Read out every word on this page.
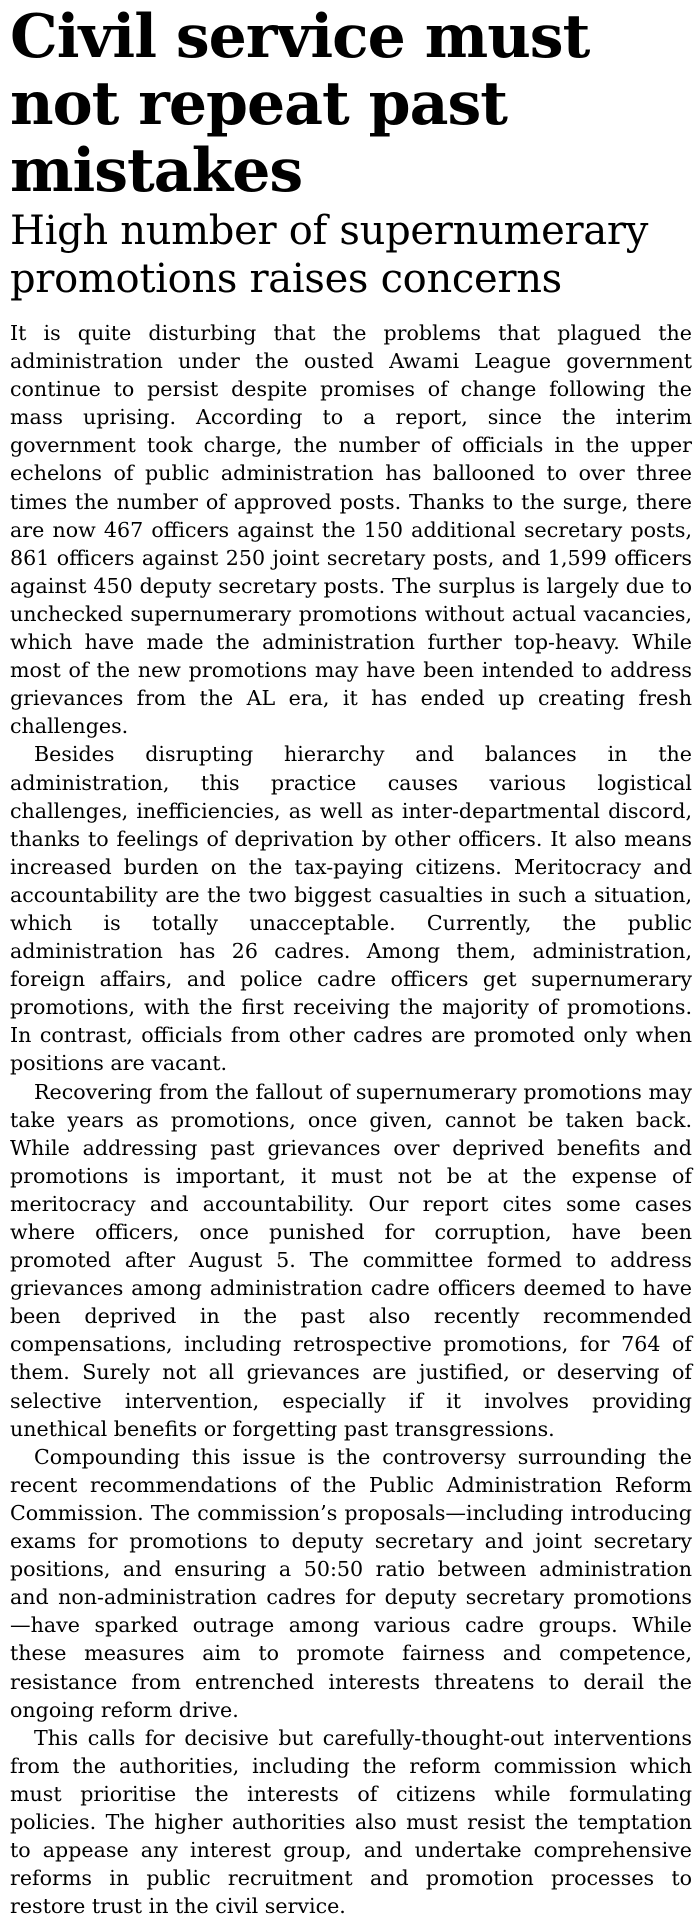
Civil service must not repeat past mistakes
High number of supernumerary promotions raises concerns

It is quite disturbing that the problems that plagued the administration under the ousted Awami League government continue to persist despite promises of change following the mass uprising. According to a report, since the interim government took charge, the number of officials in the upper echelons of public administration has ballooned to over three times the number of approved posts. Thanks to the surge, there are now 467 officers against the 150 additional secretary posts, 861 officers against 250 joint secretary posts, and 1,599 officers against 450 deputy secretary posts. The surplus is largely due to unchecked supernumerary promotions without actual vacancies, which have made the administration further top-heavy. While most of the new promotions may have been intended to address grievances from the AL era, it has ended up creating fresh challenges.

Besides disrupting hierarchy and balances in the administration, this practice causes various logistical challenges, inefficiencies, as well as inter-departmental discord, thanks to feelings of deprivation by other officers. It also means increased burden on the tax-paying citizens. Meritocracy and accountability are the two biggest casualties in such a situation, which is totally unacceptable. Currently, the public administration has 26 cadres. Among them, administration, foreign affairs, and police cadre officers get supernumerary promotions, with the first receiving the majority of promotions. In contrast, officials from other cadres are promoted only when positions are vacant.

Recovering from the fallout of supernumerary promotions may take years as promotions, once given, cannot be taken back. While addressing past grievances over deprived benefits and promotions is important, it must not be at the expense of meritocracy and accountability. Our report cites some cases where officers, once punished for corruption, have been promoted after August 5. The committee formed to address grievances among administration cadre officers deemed to have been deprived in the past also recently recommended compensations, including retrospective promotions, for 764 of them. Surely not all grievances are justified, or deserving of selective intervention, especially if it involves providing unethical benefits or forgetting past transgressions.

Compounding this issue is the controversy surrounding the recent recommendations of the Public Administration Reform Commission. The commission’s proposals—including introducing exams for promotions to deputy secretary and joint secretary positions, and ensuring a 50:50 ratio between administration and non-administration cadres for deputy secretary promotions—have sparked outrage among various cadre groups. While these measures aim to promote fairness and competence, resistance from entrenched interests threatens to derail the ongoing reform drive.

This calls for decisive but carefully-thought-out interventions from the authorities, including the reform commission which must prioritise the interests of citizens while formulating policies. The higher authorities also must resist the temptation to appease any interest group, and undertake comprehensive reforms in public recruitment and promotion processes to restore trust in the civil service.
